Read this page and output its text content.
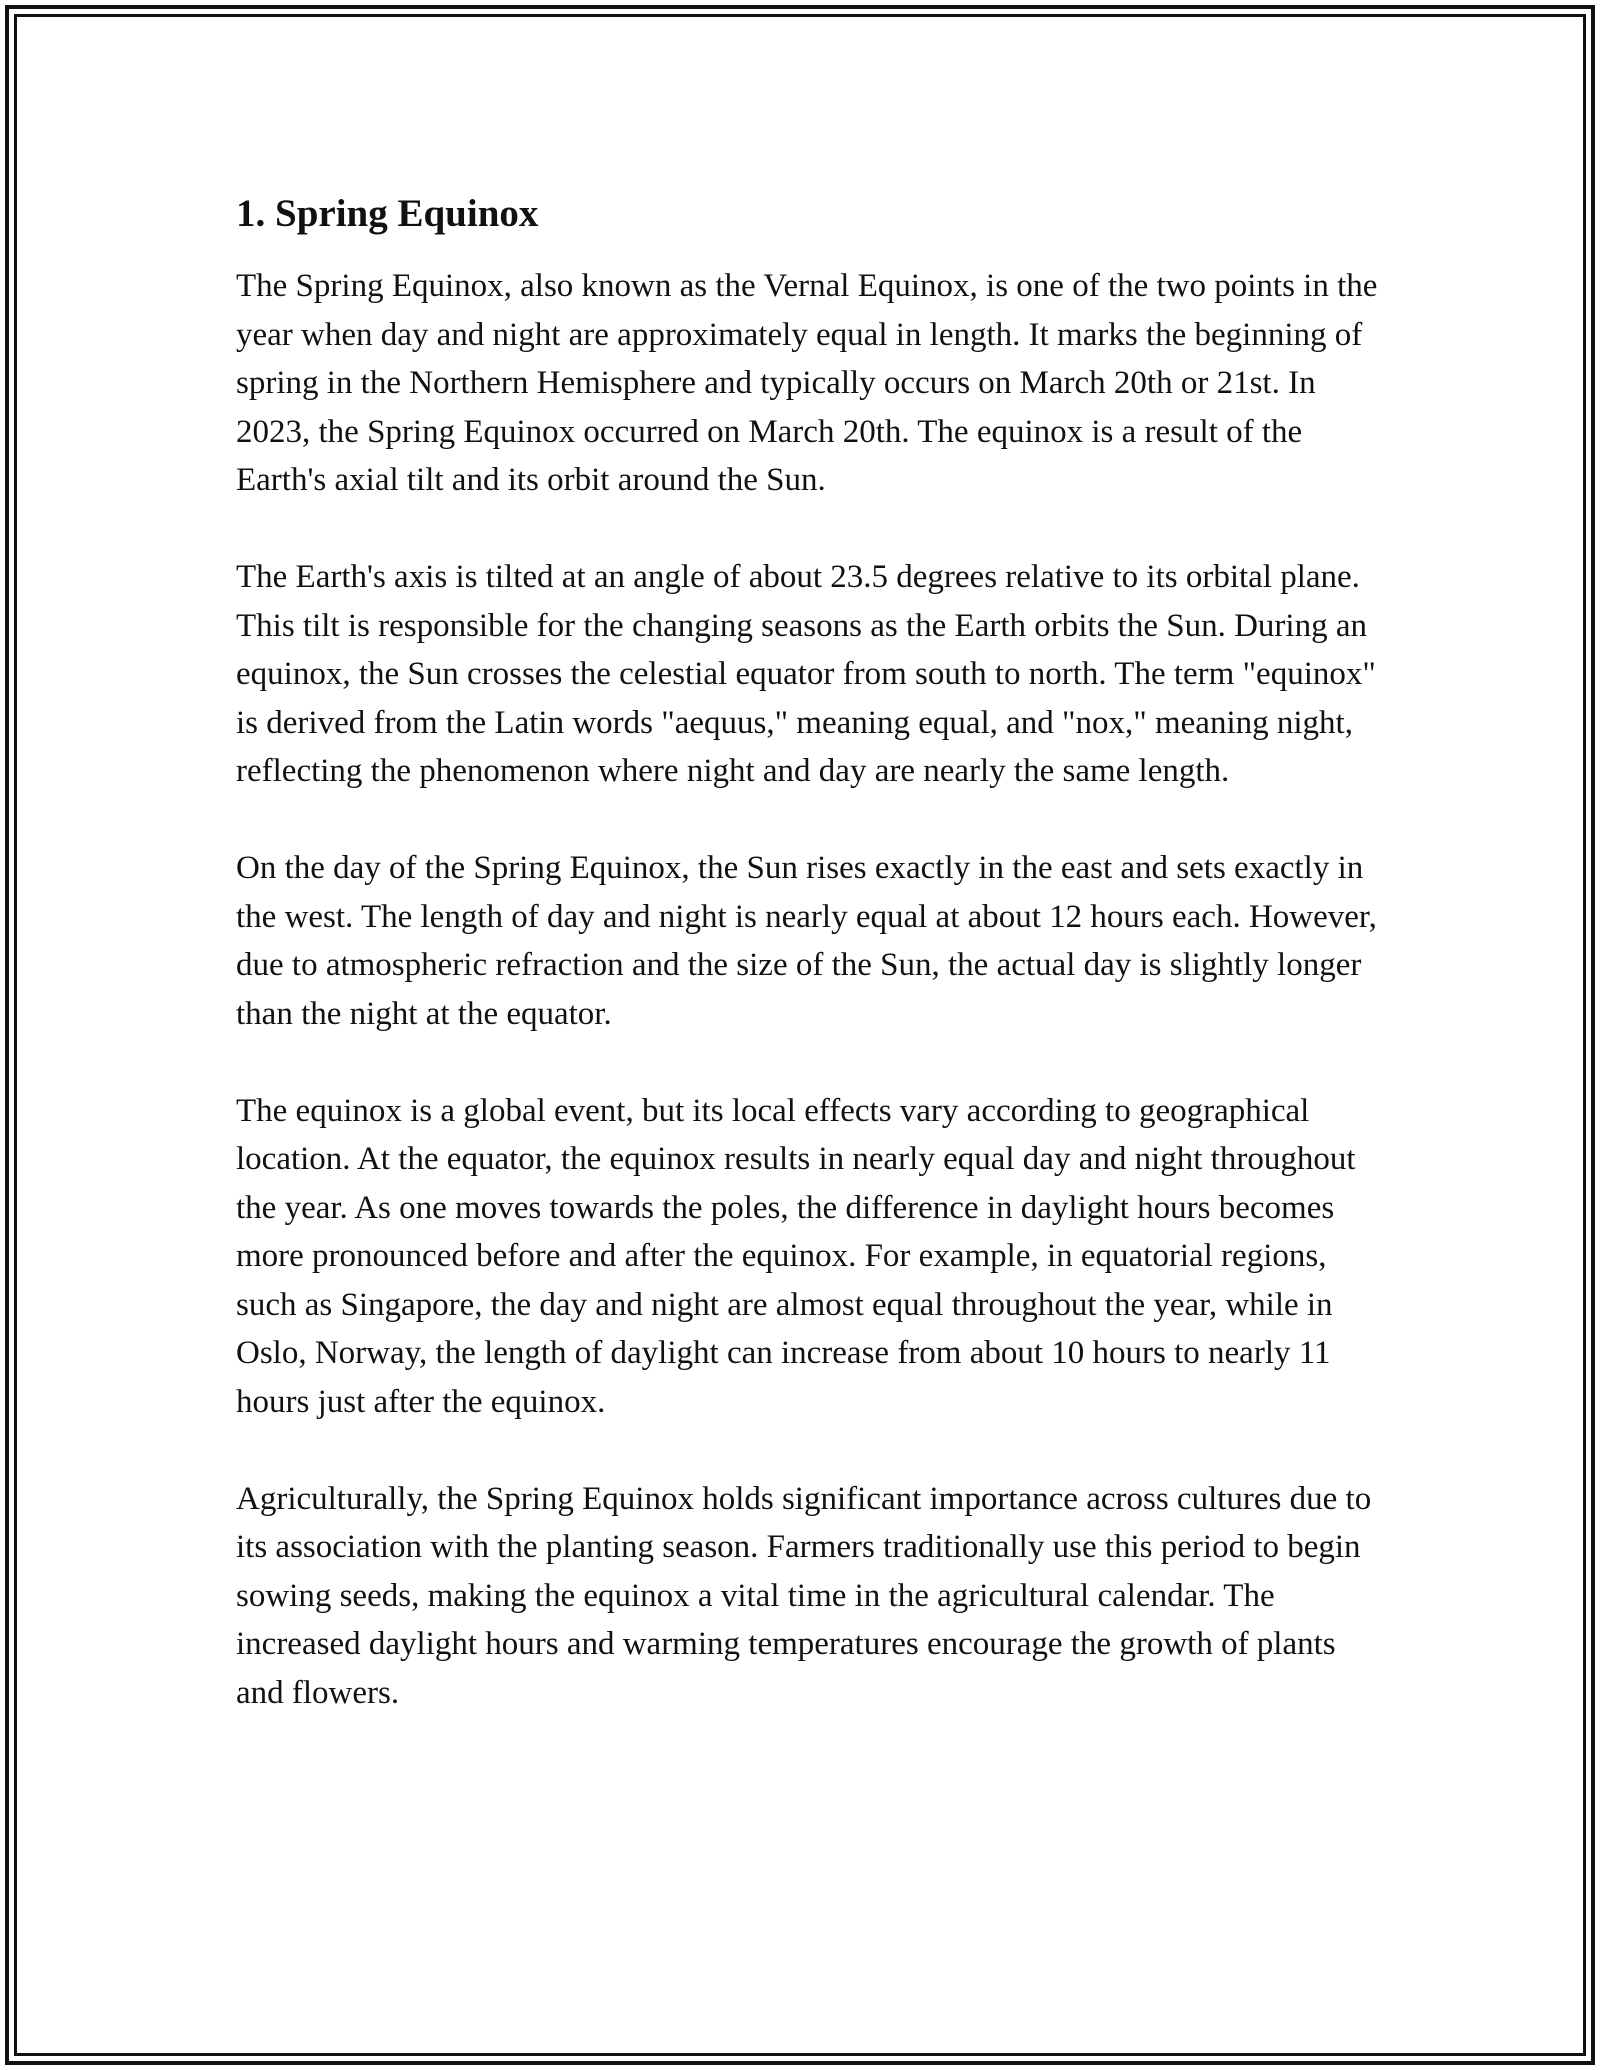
1. Spring Equinox

The Spring Equinox, also known as the Vernal Equinox, is one of the two points in the year when day and night are approximately equal in length. It marks the beginning of spring in the Northern Hemisphere and typically occurs on March 20th or 21st. In 2023, the Spring Equinox occurred on March 20th. The equinox is a result of the Earth's axial tilt and its orbit around the Sun.

The Earth's axis is tilted at an angle of about 23.5 degrees relative to its orbital plane. This tilt is responsible for the changing seasons as the Earth orbits the Sun. During an equinox, the Sun crosses the celestial equator from south to north. The term "equinox" is derived from the Latin words "aequus," meaning equal, and "nox," meaning night, reflecting the phenomenon where night and day are nearly the same length.

On the day of the Spring Equinox, the Sun rises exactly in the east and sets exactly in the west. The length of day and night is nearly equal at about 12 hours each. However, due to atmospheric refraction and the size of the Sun, the actual day is slightly longer than the night at the equator.

The equinox is a global event, but its local effects vary according to geographical location. At the equator, the equinox results in nearly equal day and night throughout the year. As one moves towards the poles, the difference in daylight hours becomes more pronounced before and after the equinox. For example, in equatorial regions, such as Singapore, the day and night are almost equal throughout the year, while in Oslo, Norway, the length of daylight can increase from about 10 hours to nearly 11 hours just after the equinox.

Agriculturally, the Spring Equinox holds significant importance across cultures due to its association with the planting season. Farmers traditionally use this period to begin sowing seeds, making the equinox a vital time in the agricultural calendar. The increased daylight hours and warming temperatures encourage the growth of plants and flowers.
